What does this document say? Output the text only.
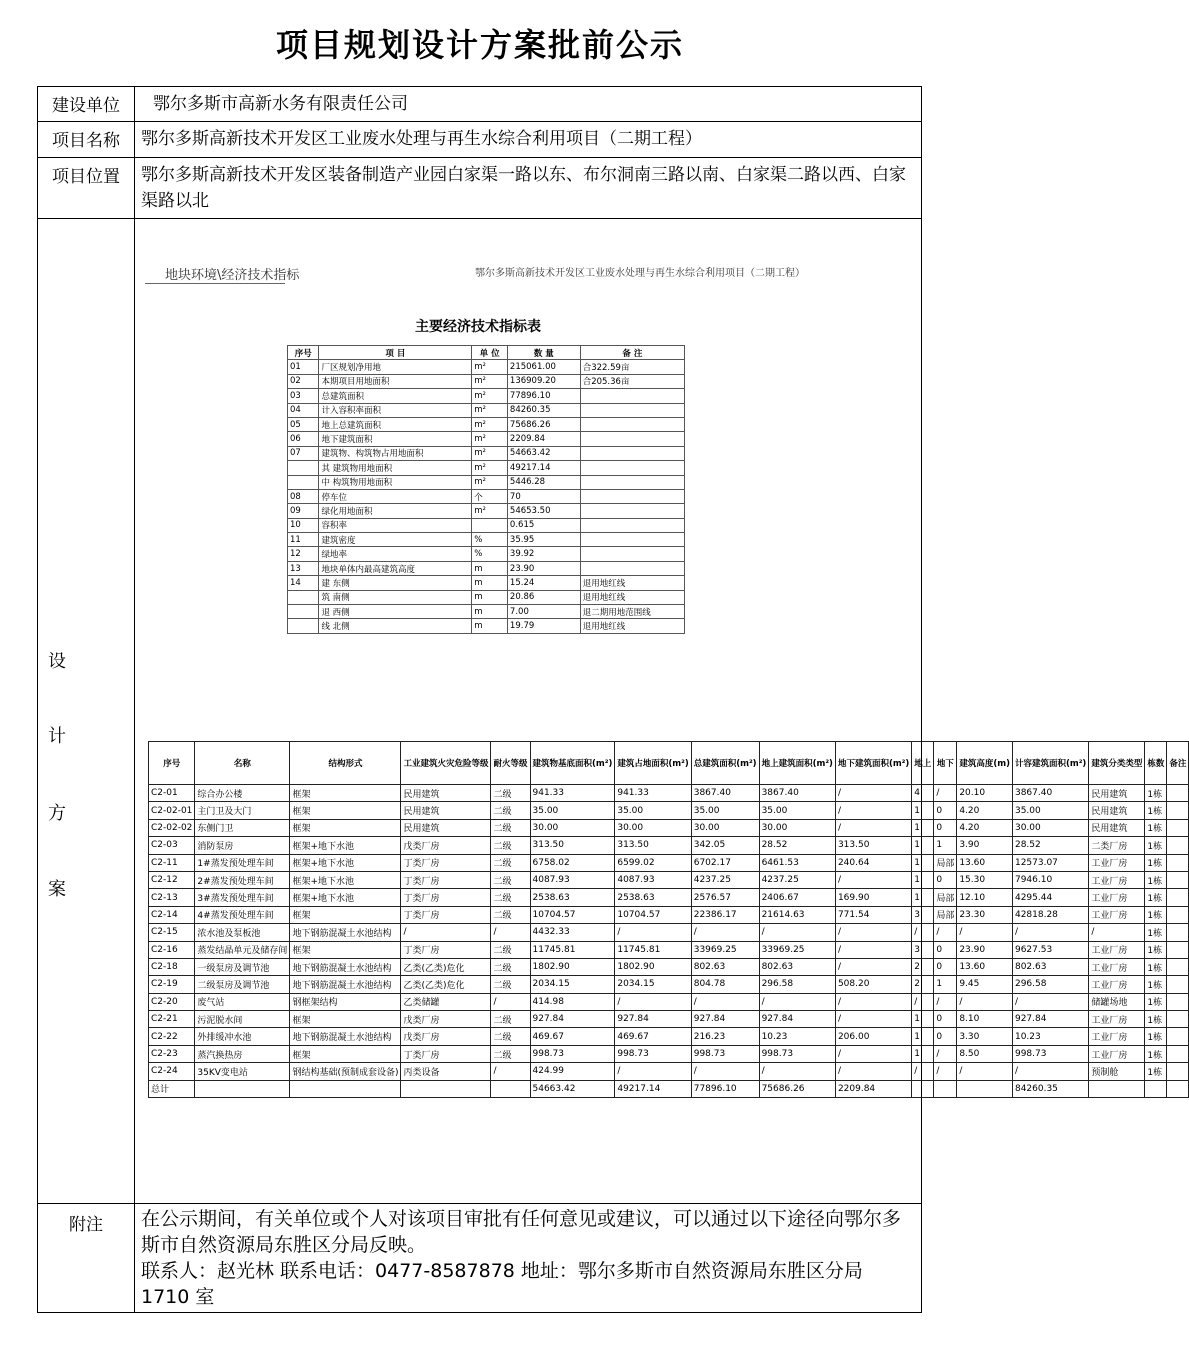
项目规划设计方案批前公示
建设单位	鄂尔多斯市高新水务有限责任公司
项目名称	鄂尔多斯高新技术开发区工业废水处理与再生水综合利用项目（二期工程）
项目位置	鄂尔多斯高新技术开发区装备制造产业园白家渠一路以东、布尔洞南三路以南、白家渠二路以西、白家渠路以北

设
计
方
案

地块环境\经济技术指标	鄂尔多斯高新技术开发区工业废水处理与再生水综合利用项目（二期工程）
主要经济技术指标表
序号	项 目	单 位	数 量	备 注
01	厂区规划净用地	m²	215061.00	合322.59亩
02	本期项目用地面积	m²	136909.20	合205.36亩
03	总建筑面积	m²	77896.10	
04	计入容积率面积	m²	84260.35	
05	地上总建筑面积	m²	75686.26	
06	地下建筑面积	m²	2209.84	
07	建筑物、构筑物占用地面积	m²	54663.42	
	其 建筑物用地面积	m²	49217.14	
	中 构筑物用地面积	m²	5446.28	
08	停车位	个	70	
09	绿化用地面积	m²	54653.50	
10	容积率		0.615	
11	建筑密度	%	35.95	
12	绿地率	%	39.92	
13	地块单体内最高建筑高度	m	23.90	
14	建 东侧	m	15.24	退用地红线
	筑 南侧	m	20.86	退用地红线
	退 西侧	m	7.00	退二期用地范围线
	线 北侧	m	19.79	退用地红线
序号	名称	结构形式	工业建筑火灾危险等级	耐火等级	建筑物基底面积(m²)	建筑占地面积(m²)	总建筑面积(m²)	地上建筑面积(m²)	地下建筑面积(m²)	地上	地下	建筑高度(m)	计容建筑面积(m²)	建筑分类类型	栋数	备注
C2-01	综合办公楼	框架	民用建筑	二级	941.33	941.33	3867.40	3867.40	/	4	/	20.10	3867.40	民用建筑	1栋	
C2-02-01	主门卫及大门	框架	民用建筑	二级	35.00	35.00	35.00	35.00	/	1	0	4.20	35.00	民用建筑	1栋	
C2-02-02	东侧门卫	框架	民用建筑	二级	30.00	30.00	30.00	30.00	/	1	0	4.20	30.00	民用建筑	1栋	
C2-03	消防泵房	框架+地下水池	戊类厂房	二级	313.50	313.50	342.05	28.52	313.50	1	1	3.90	28.52	二类厂房	1栋	
C2-11	1#蒸发预处理车间	框架+地下水池	丁类厂房	二级	6758.02	6599.02	6702.17	6461.53	240.64	1	局部	13.60	12573.07	工业厂房	1栋	
C2-12	2#蒸发预处理车间	框架+地下水池	丁类厂房	二级	4087.93	4087.93	4237.25	4237.25	/	1	0	15.30	7946.10	工业厂房	1栋	
C2-13	3#蒸发预处理车间	框架+地下水池	丁类厂房	二级	2538.63	2538.63	2576.57	2406.67	169.90	1	局部	12.10	4295.44	工业厂房	1栋	
C2-14	4#蒸发预处理车间	框架	丁类厂房	二级	10704.57	10704.57	22386.17	21614.63	771.54	3	局部	23.30	42818.28	工业厂房	1栋	
C2-15	浓水池及泵板池	地下钢筋混凝土水池结构	/	/	4432.33	/	/	/	/	/	/	/	/	/	1栋	
C2-16	蒸发结晶单元及储存间	框架	丁类厂房	二级	11745.81	11745.81	33969.25	33969.25	/	3	0	23.90	9627.53	工业厂房	1栋	
C2-18	一级泵房及调节池	地下钢筋混凝土水池结构	乙类(乙类)危化	二级	1802.90	1802.90	802.63	802.63	/	2	0	13.60	802.63	工业厂房	1栋	
C2-19	二级泵房及调节池	地下钢筋混凝土水池结构	乙类(乙类)危化	二级	2034.15	2034.15	804.78	296.58	508.20	2	1	9.45	296.58	工业厂房	1栋	
C2-20	废气站	钢框架结构	乙类储罐	/	414.98	/	/	/	/	/	/	/	/	储罐场地	1栋	
C2-21	污泥脱水间	框架	戊类厂房	二级	927.84	927.84	927.84	927.84	/	1	0	8.10	927.84	工业厂房	1栋	
C2-22	外排缓冲水池	地下钢筋混凝土水池结构	戊类厂房	二级	469.67	469.67	216.23	10.23	206.00	1	0	3.30	10.23	工业厂房	1栋	
C2-23	蒸汽换热房	框架	丁类厂房	二级	998.73	998.73	998.73	998.73	/	1	/	8.50	998.73	工业厂房	1栋	
C2-24	35KV变电站	钢结构基础(预制成套设备)	丙类设备	/	424.99	/	/	/	/	/	/	/	/	预制舱	1栋	
总计					54663.42	49217.14	77896.10	75686.26	2209.84				84260.35			

附注	在公示期间，有关单位或个人对该项目审批有任何意见或建议，可以通过以下途径向鄂尔多斯市自然资源局东胜区分局反映。
联系人：赵光林 联系电话：0477-8587878 地址：鄂尔多斯市自然资源局东胜区分局 1710 室
